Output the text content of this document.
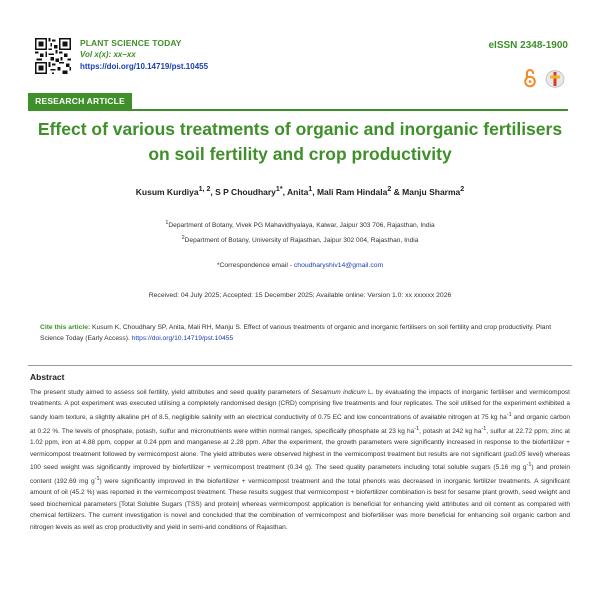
PLANT SCIENCE TODAY
Vol x(x): xx–xx
https://doi.org/10.14719/pst.10455
eISSN 2348-1900
RESEARCH ARTICLE
Effect of various treatments of organic and inorganic fertilisers
on soil fertility and crop productivity
Kusum Kurdiya$^{1, 2}$, S P Choudhary$^{1*}$, Anita$^1$, Mali Ram Hindala$^2$ & Manju Sharma$^2$
$^1$Department of Botany, Vivek PG Mahavidhyalaya, Kalwar, Jaipur 303 706, Rajasthan, India
$^2$Department of Botany, University of Rajasthan, Jaipur 302 004, Rajasthan, India
*Correspondence email - choudharyshiv14@gmail.com
Received: 04 July 2025; Accepted: 15 December 2025; Available online: Version 1.0: xx xxxxxx 2026
Cite this article: Kusum K, Choudhary SP, Anita, Mali RH, Manju S. Effect of various treatments of organic and inorganic fertilisers on soil fertility and crop productivity. Plant Science Today (Early Access). https://doi.org/10.14719/pst.10455
Abstract
The present study aimed to assess soil fertility, yield attributes and seed quality parameters of Sesamum indicum L. by evaluating the impacts of inorganic fertiliser and vermicompost treatments. A pot experiment was executed utilising a completely randomised design (CRD) comprising five treatments and four replicates. The soil utilised for the experiment exhibited a sandy loam texture, a slightly alkaline pH of 8.5, negligible salinity with an electrical conductivity of 0.75 EC and low concentrations of available nitrogen at 75 kg $ha^{-1}$ and organic carbon at 0.22 %. The levels of phosphate, potash, sulfur and micronutrients were within normal ranges, specifically phosphate at 23 kg $ha^{-1}$, potash at 242 kg $ha^{-1}$, sulfur at 22.72 ppm, zinc at 1.02 ppm, iron at 4.88 ppm, copper at 0.24 ppm and manganese at 2.28 ppm. After the experiment, the growth parameters were significantly increased in response to the biofertilizer + vermicompost treatment followed by vermicompost alone. The yield attributes were observed highest in the vermicompost treatment but results are not significant (p≥0.05 level) whereas 100 seed weight was significantly improved by biofertilizer + vermicompost treatment (0.34 g). The seed quality parameters including total soluble sugars (5.16 mg $g^{-1}$) and protein content (192.69 mg $g^{-1}$) were significantly improved in the biofertilizer + vermicompost treatment and the total phenols was decreased in inorganic fertilizer treatments. A significant amount of oil (45.2 %) was reported in the vermicompost treatment. These results suggest that vermicompost + biofertilizer combination is best for sesame plant growth, seed weight and seed biochemical parameters [Total Soluble Sugars (TSS) and protein] whereas vermicompost application is beneficial for enhancing yield attributes and oil content as compared with chemical fertilizers. The current investigation is novel and concluded that the combination of vermicompost and biofertiliser was more beneficial for enhancing soil organic carbon and nitrogen levels as well as crop productivity and yield in semi-arid conditions of Rajasthan.
